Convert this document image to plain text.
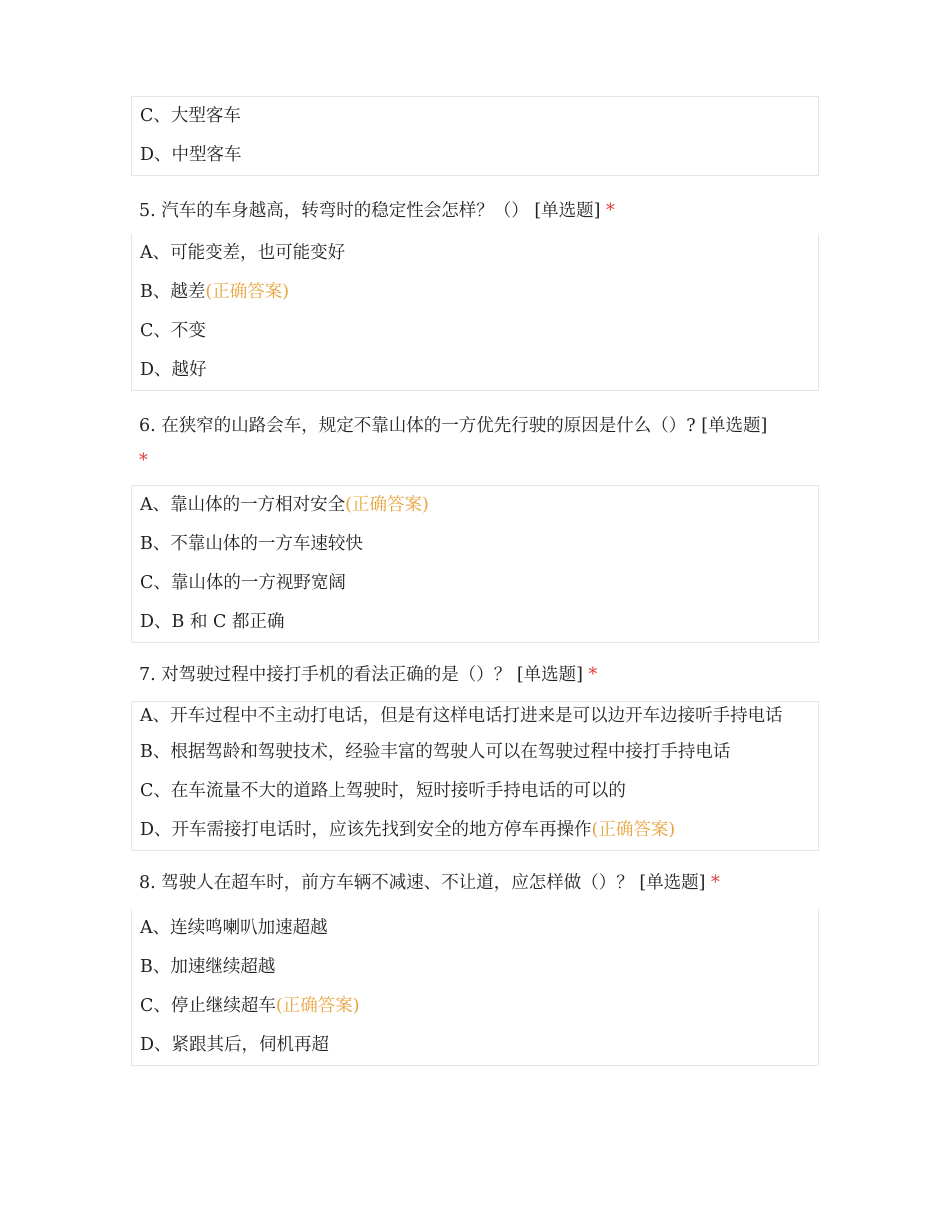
C、大型客车
D、中型客车
5. 汽车的车身越高，转弯时的稳定性会怎样？（） [单选题] *
A、可能变差，也可能变好
B、越差(正确答案)
C、不变
D、越好
6. 在狭窄的山路会车，规定不靠山体的一方优先行驶的原因是什么（）? [单选题]
*
A、靠山体的一方相对安全(正确答案)
B、不靠山体的一方车速较快
C、靠山体的一方视野宽阔
D、B 和 C 都正确
7. 对驾驶过程中接打手机的看法正确的是（）？ [单选题] *
A、开车过程中不主动打电话，但是有这样电话打进来是可以边开车边接听手持电话
B、根据驾龄和驾驶技术，经验丰富的驾驶人可以在驾驶过程中接打手持电话
C、在车流量不大的道路上驾驶时，短时接听手持电话的可以的
D、开车需接打电话时，应该先找到安全的地方停车再操作(正确答案)
8. 驾驶人在超车时，前方车辆不减速、不让道，应怎样做（）？ [单选题] *
A、连续鸣喇叭加速超越
B、加速继续超越
C、停止继续超车(正确答案)
D、紧跟其后，伺机再超
